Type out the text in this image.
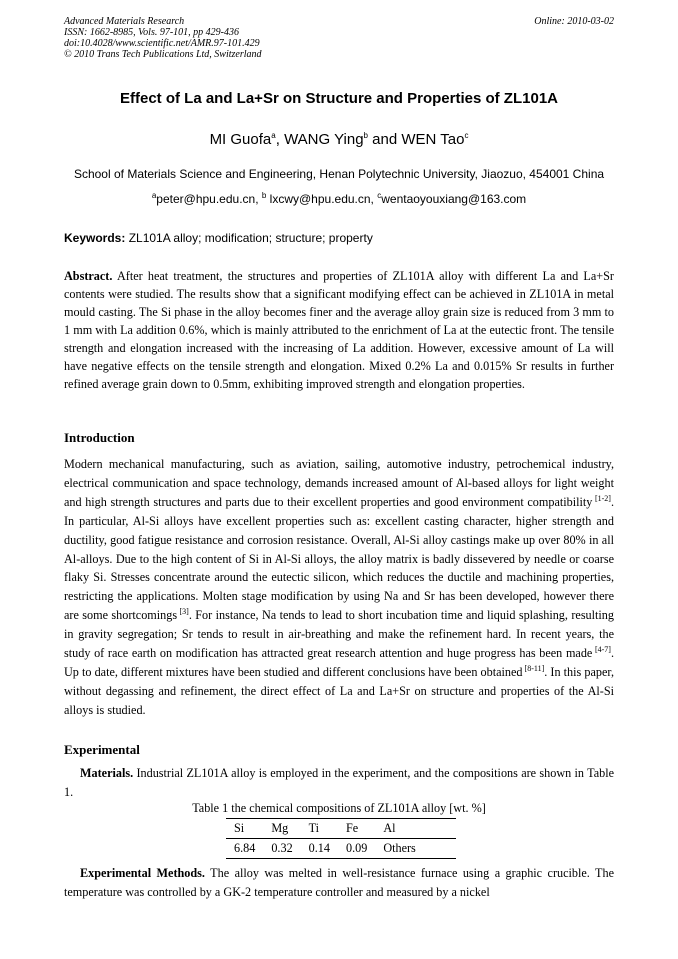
Advanced Materials Research
ISSN: 1662-8985, Vols. 97-101, pp 429-436
doi:10.4028/www.scientific.net/AMR.97-101.429
© 2010 Trans Tech Publications Ltd, Switzerland
Online: 2010-03-02
Effect of La and La+Sr on Structure and Properties of ZL101A
MI Guofa$^a$, WANG Ying$^b$ and WEN Tao$^c$
School of Materials Science and Engineering, Henan Polytechnic University, Jiaozuo, 454001 China
$^a$peter@hpu.edu.cn, $^b$ lxcwy@hpu.edu.cn, $^c$wentaoyouxiang@163.com
Keywords: ZL101A alloy; modification; structure; property
Abstract. After heat treatment, the structures and properties of ZL101A alloy with different La and La+Sr contents were studied. The results show that a significant modifying effect can be achieved in ZL101A in metal mould casting. The Si phase in the alloy becomes finer and the average alloy grain size is reduced from 3 mm to 1 mm with La addition 0.6%, which is mainly attributed to the enrichment of La at the eutectic front. The tensile strength and elongation increased with the increasing of La addition. However, excessive amount of La will have negative effects on the tensile strength and elongation. Mixed 0.2% La and 0.015% Sr results in further refined average grain down to 0.5mm, exhibiting improved strength and elongation properties.
Introduction
Modern mechanical manufacturing, such as aviation, sailing, automotive industry, petrochemical industry, electrical communication and space technology, demands increased amount of Al-based alloys for light weight and high strength structures and parts due to their excellent properties and good environment compatibility [1-2]. In particular, Al-Si alloys have excellent properties such as: excellent casting character, higher strength and ductility, good fatigue resistance and corrosion resistance. Overall, Al-Si alloy castings make up over 80% in all Al-alloys. Due to the high content of Si in Al-Si alloys, the alloy matrix is badly dissevered by needle or coarse flaky Si. Stresses concentrate around the eutectic silicon, which reduces the ductile and machining properties, restricting the applications. Molten stage modification by using Na and Sr has been developed, however there are some shortcomings [3]. For instance, Na tends to lead to short incubation time and liquid splashing, resulting in gravity segregation; Sr tends to result in air-breathing and make the refinement hard. In recent years, the study of race earth on modification has attracted great research attention and huge progress has been made [4-7]. Up to date, different mixtures have been studied and different conclusions have been obtained [8-11]. In this paper, without degassing and refinement, the direct effect of La and La+Sr on structure and properties of the Al-Si alloys is studied.
Experimental
Materials. Industrial ZL101A alloy is employed in the experiment, and the compositions are shown in Table 1.
Table 1 the chemical compositions of ZL101A alloy [wt. %]
Si	Mg	Ti	Fe	Al
6.84	0.32	0.14	0.09	Others
Experimental Methods. The alloy was melted in well-resistance furnace using a graphic crucible. The temperature was controlled by a GK-2 temperature controller and measured by a nickel
